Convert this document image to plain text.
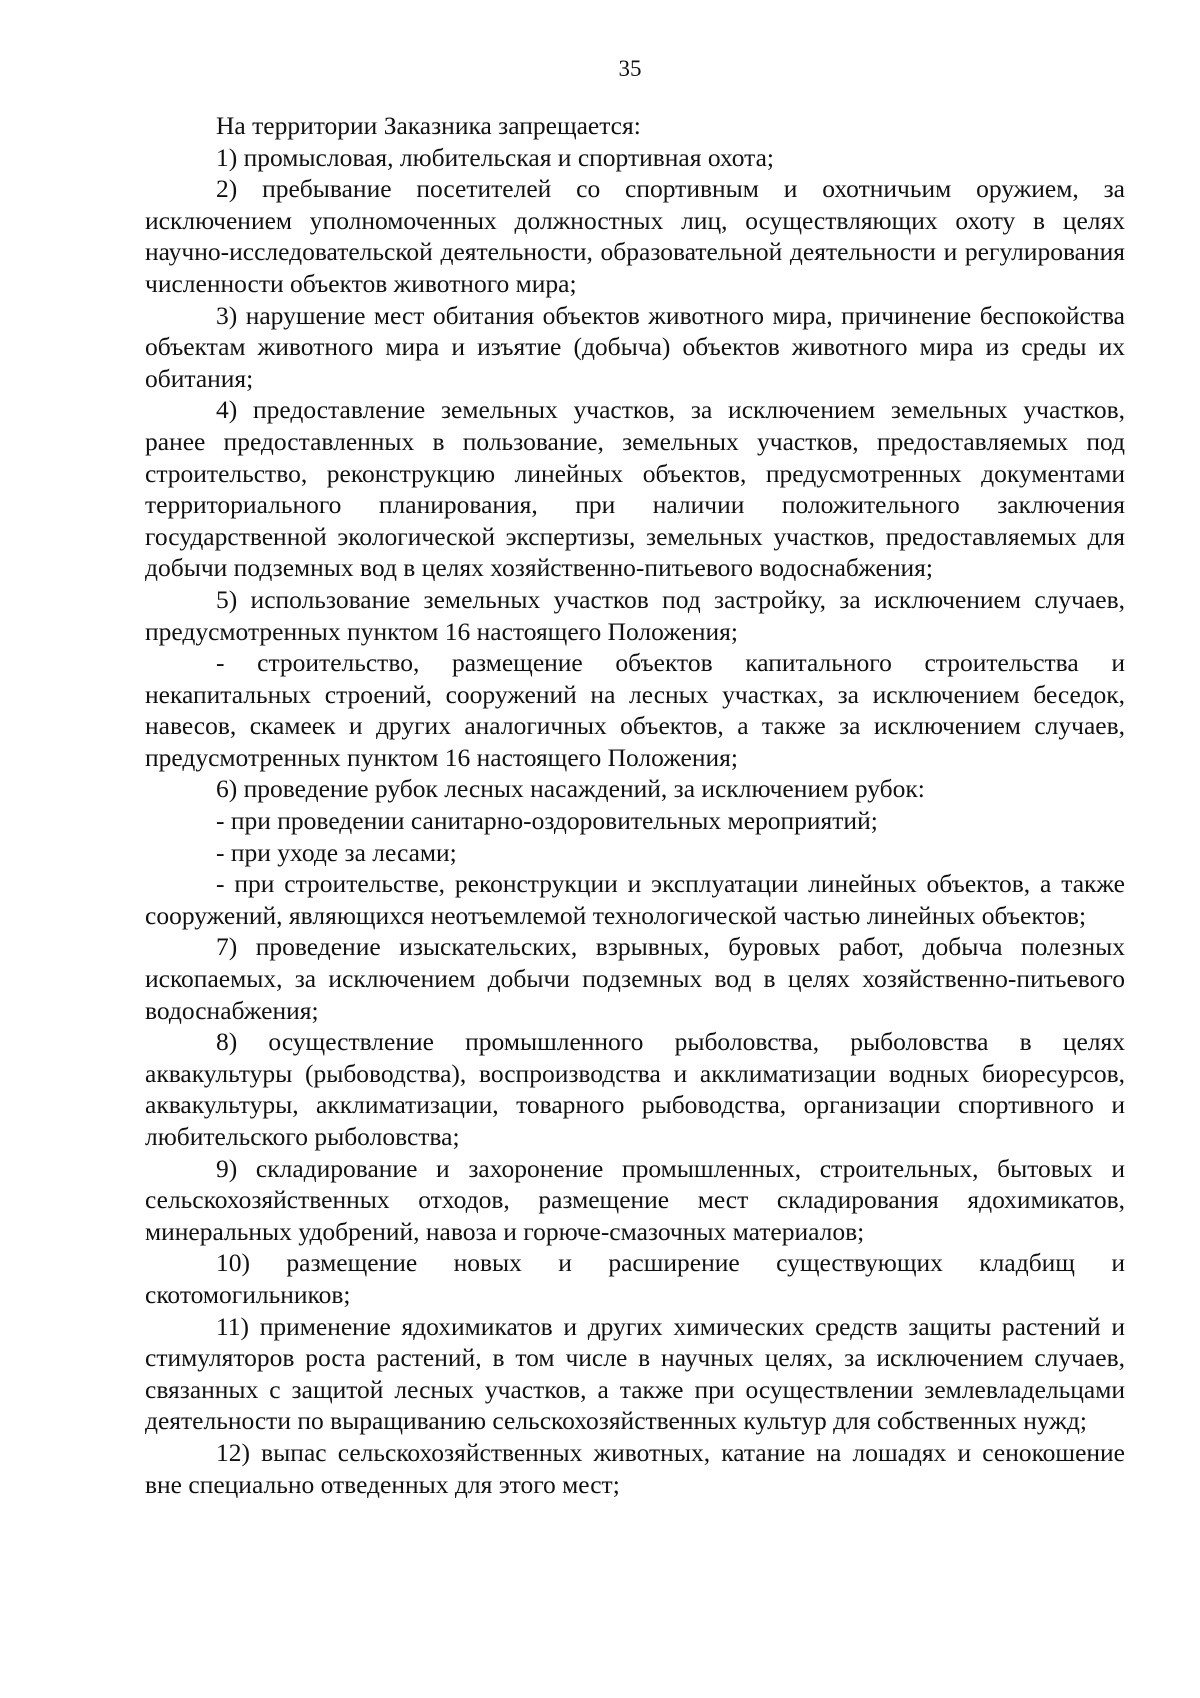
35

На территории Заказника запрещается:

1) промысловая, любительская и спортивная охота;

2) пребывание посетителей со спортивным и охотничьим оружием, за исключением уполномоченных должностных лиц, осуществляющих охоту в целях научно-исследовательской деятельности, образовательной деятельности и регулирования численности объектов животного мира;

3) нарушение мест обитания объектов животного мира, причинение беспокойства объектам животного мира и изъятие (добыча) объектов животного мира из среды их обитания;

4) предоставление земельных участков, за исключением земельных участков, ранее предоставленных в пользование, земельных участков, предоставляемых под строительство, реконструкцию линейных объектов, предусмотренных документами территориального планирования, при наличии положительного заключения государственной экологической экспертизы, земельных участков, предоставляемых для добычи подземных вод в целях хозяйственно-питьевого водоснабжения;

5) использование земельных участков под застройку, за исключением случаев, предусмотренных пунктом 16 настоящего Положения;

- строительство, размещение объектов капитального строительства и некапитальных строений, сооружений на лесных участках, за исключением беседок, навесов, скамеек и других аналогичных объектов, а также за исключением случаев, предусмотренных пунктом 16 настоящего Положения;

6) проведение рубок лесных насаждений, за исключением рубок:

- при проведении санитарно-оздоровительных мероприятий;

- при уходе за лесами;

- при строительстве, реконструкции и эксплуатации линейных объектов, а также сооружений, являющихся неотъемлемой технологической частью линейных объектов;

7) проведение изыскательских, взрывных, буровых работ, добыча полезных ископаемых, за исключением добычи подземных вод в целях хозяйственно-питьевого водоснабжения;

8) осуществление промышленного рыболовства, рыболовства в целях аквакультуры (рыбоводства), воспроизводства и акклиматизации водных биоресурсов, аквакультуры, акклиматизации, товарного рыбоводства, организации спортивного и любительского рыболовства;

9) складирование и захоронение промышленных, строительных, бытовых и сельскохозяйственных отходов, размещение мест складирования ядохимикатов, минеральных удобрений, навоза и горюче-смазочных материалов;

10) размещение новых и расширение существующих кладбищ и скотомогильников;

11) применение ядохимикатов и других химических средств защиты растений и стимуляторов роста растений, в том числе в научных целях, за исключением случаев, связанных с защитой лесных участков, а также при осуществлении землевладельцами деятельности по выращиванию сельскохозяйственных культур для собственных нужд;

12) выпас сельскохозяйственных животных, катание на лошадях и сенокошение вне специально отведенных для этого мест;
